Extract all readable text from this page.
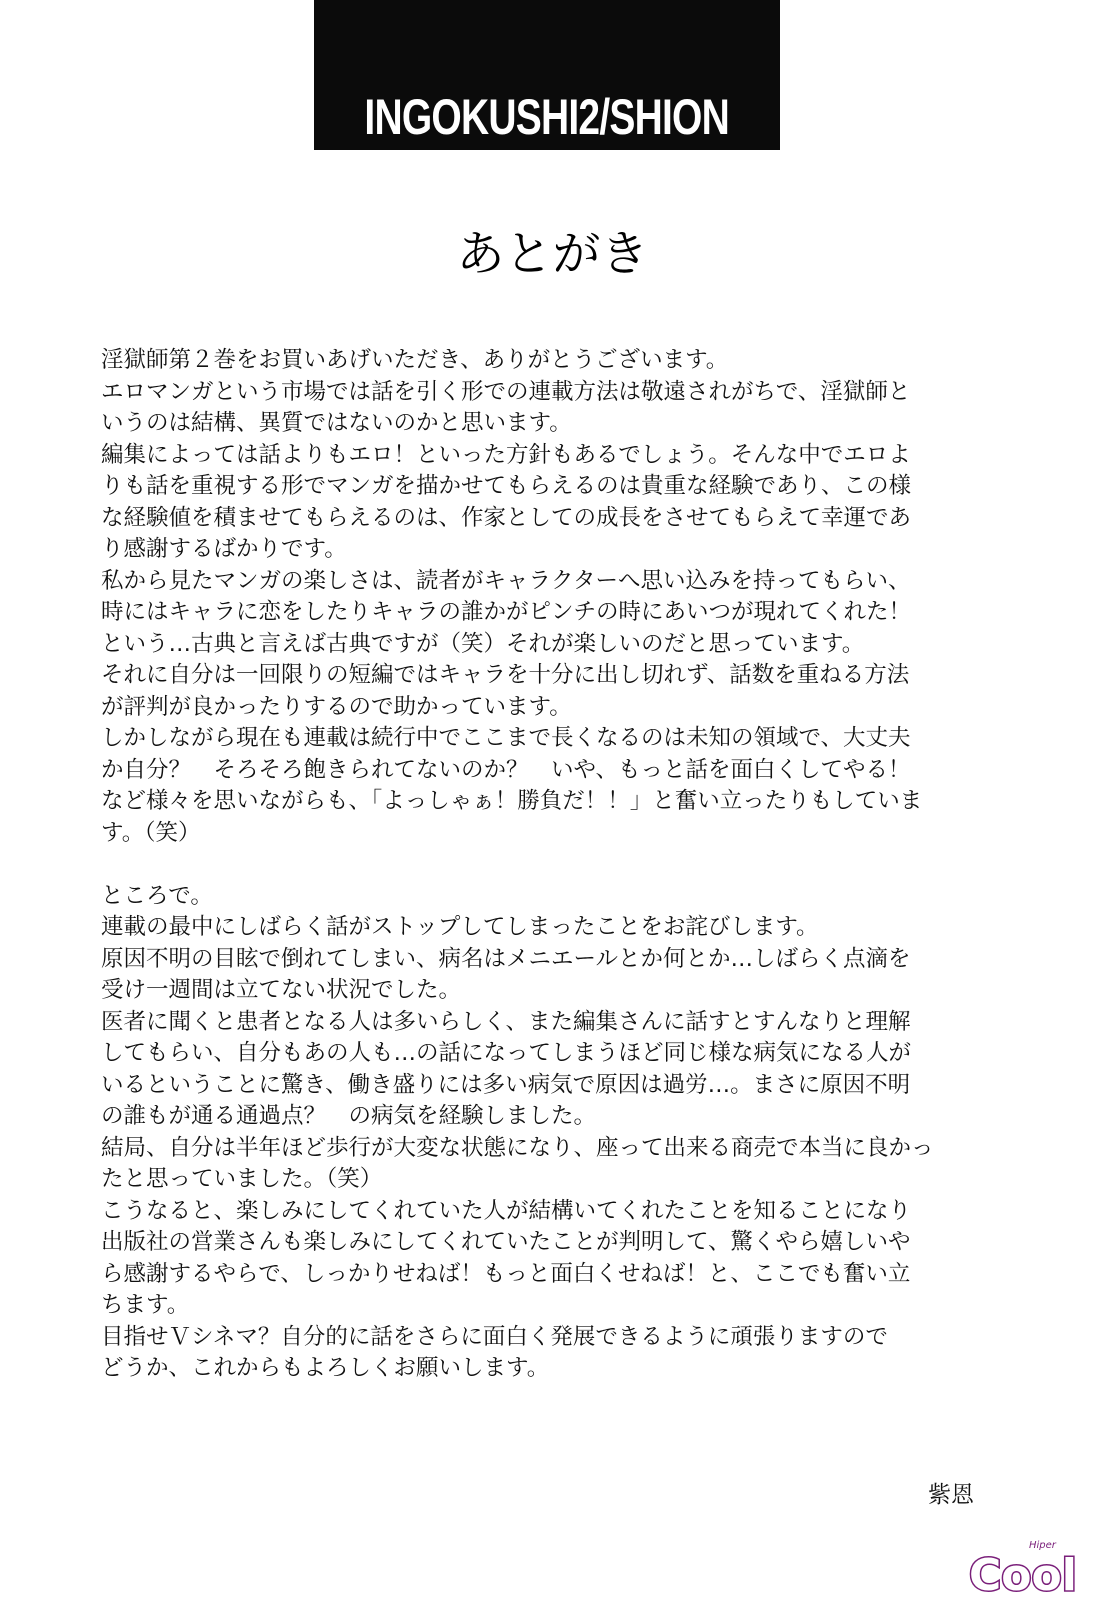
INGOKUSHI2/SHION
あとがき
淫獄師第２巻をお買いあげいただき、ありがとうございます。
エロマンガという市場では話を引く形での連載方法は敬遠されがちで、淫獄師と
いうのは結構、異質ではないのかと思います。
編集によっては話よりもエロ！といった方針もあるでしょう。そんな中でエロよ
りも話を重視する形でマンガを描かせてもらえるのは貴重な経験であり、この様
な経験値を積ませてもらえるのは、作家としての成長をさせてもらえて幸運であ
り感謝するばかりです。
私から見たマンガの楽しさは、読者がキャラクターへ思い込みを持ってもらい、
時にはキャラに恋をしたりキャラの誰かがピンチの時にあいつが現れてくれた！
という…古典と言えば古典ですが（笑）それが楽しいのだと思っています。
それに自分は一回限りの短編ではキャラを十分に出し切れず、話数を重ねる方法
が評判が良かったりするので助かっています。
しかしながら現在も連載は続行中でここまで長くなるのは未知の領域で、大丈夫
か自分？　そろそろ飽きられてないのか？　いや、もっと話を面白くしてやる！
など様々を思いながらも、「よっしゃぁ！勝負だ！！」と奮い立ったりもしていま
す。（笑）
ところで。
連載の最中にしばらく話がストップしてしまったことをお詫びします。
原因不明の目眩で倒れてしまい、病名はメニエールとか何とか…しばらく点滴を
受け一週間は立てない状況でした。
医者に聞くと患者となる人は多いらしく、また編集さんに話すとすんなりと理解
してもらい、自分もあの人も…の話になってしまうほど同じ様な病気になる人が
いるということに驚き、働き盛りには多い病気で原因は過労…。まさに原因不明
の誰もが通る通過点？　の病気を経験しました。
結局、自分は半年ほど歩行が大変な状態になり、座って出来る商売で本当に良かっ
たと思っていました。（笑）
こうなると、楽しみにしてくれていた人が結構いてくれたことを知ることになり
出版社の営業さんも楽しみにしてくれていたことが判明して、驚くやら嬉しいや
ら感謝するやらで、しっかりせねば！もっと面白くせねば！と、ここでも奮い立
ちます。
目指せＶシネマ？自分的に話をさらに面白く発展できるように頑張りますので
どうか、これからもよろしくお願いします。
紫恩
Hiper
Cool
